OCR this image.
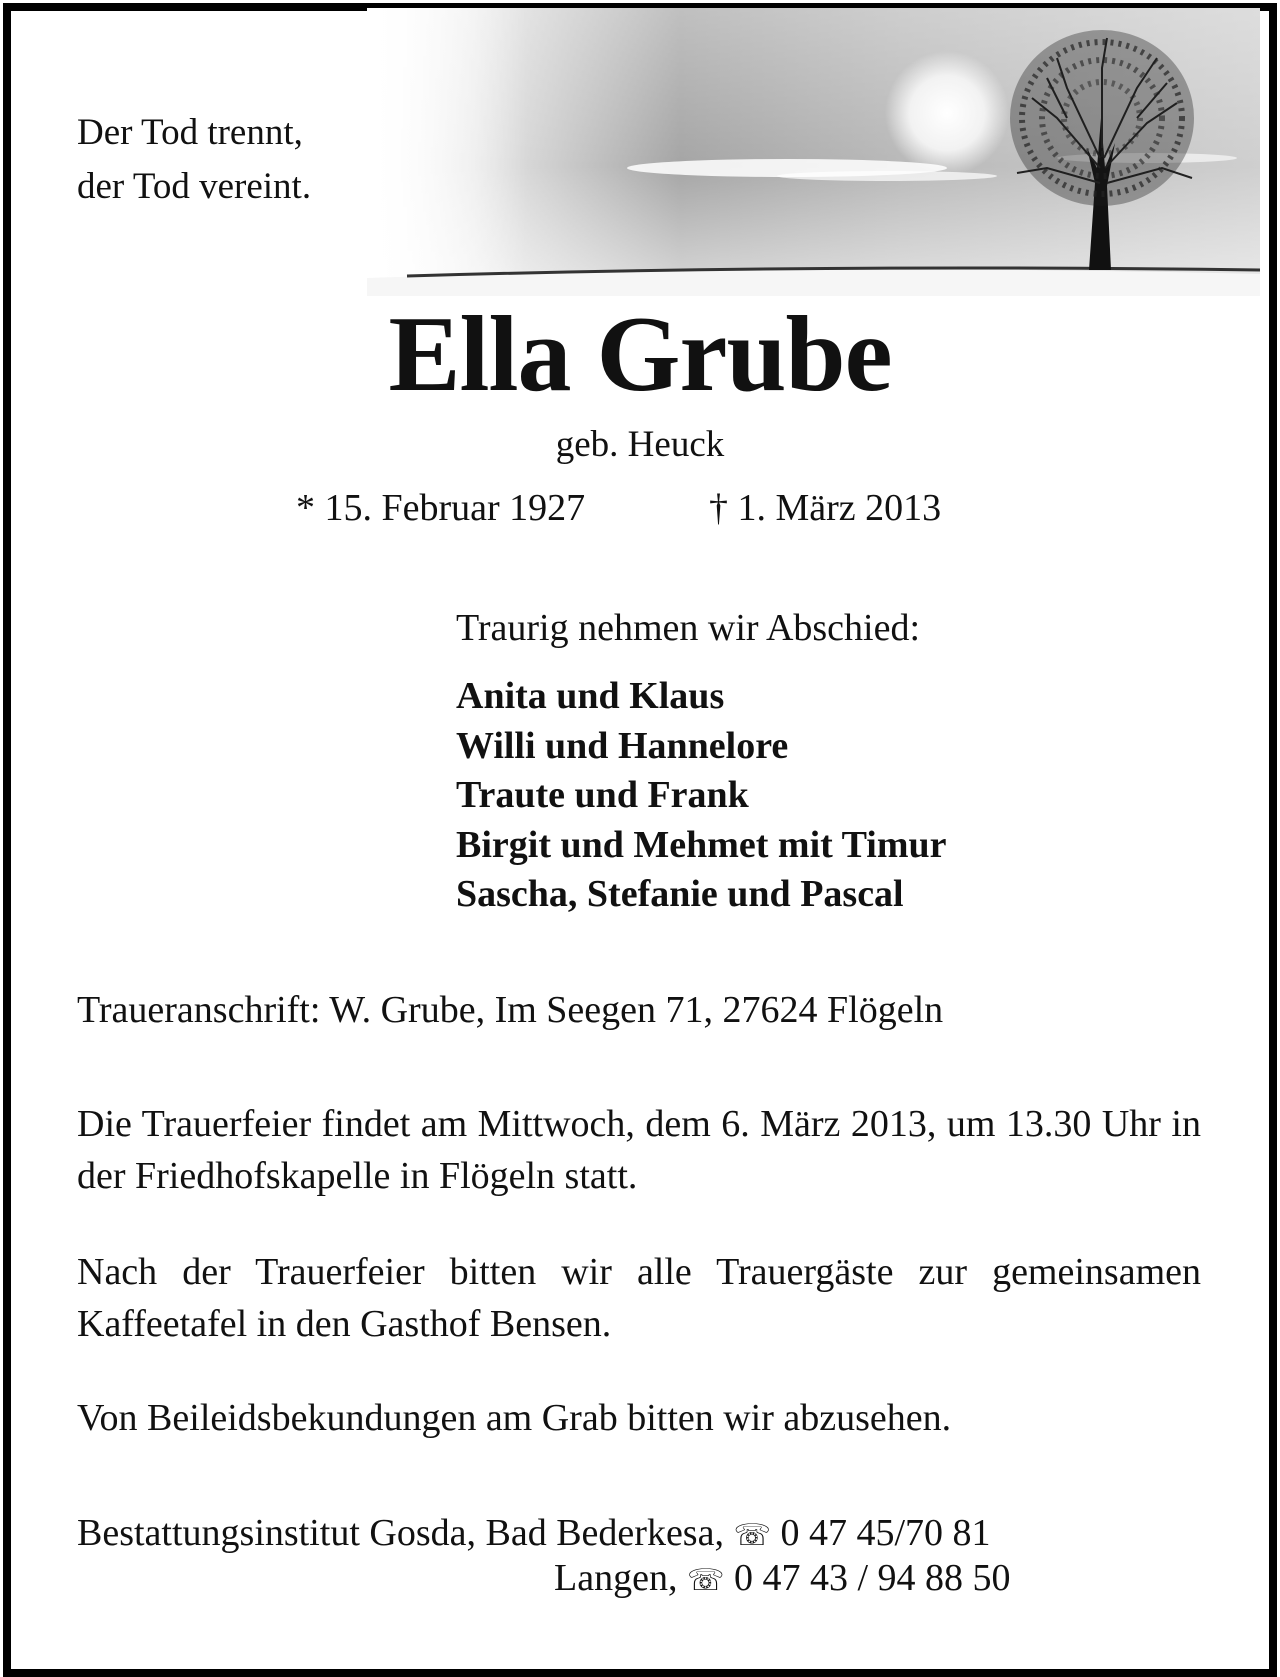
Der Tod trennt,
der Tod vereint.
Ella Grube
geb. Heuck
* 15. Februar 1927	† 1. März 2013
Traurig nehmen wir Abschied:
Anita und Klaus
Willi und Hannelore
Traute und Frank
Birgit und Mehmet mit Timur
Sascha, Stefanie und Pascal
Traueranschrift: W. Grube, Im Seegen 71, 27624 Flögeln

Die Trauerfeier findet am Mittwoch, dem 6. März 2013, um 13.30 Uhr in der Friedhofskapelle in Flögeln statt.

Nach der Trauerfeier bitten wir alle Trauergäste zur gemeinsamen Kaffeetafel in den Gasthof Bensen.

Von Beileidsbekundungen am Grab bitten wir abzusehen.

Bestattungsinstitut Gosda, Bad Bederkesa, ☏ 0 47 45/70 81
Langen, ☏ 0 47 43 / 94 88 50
